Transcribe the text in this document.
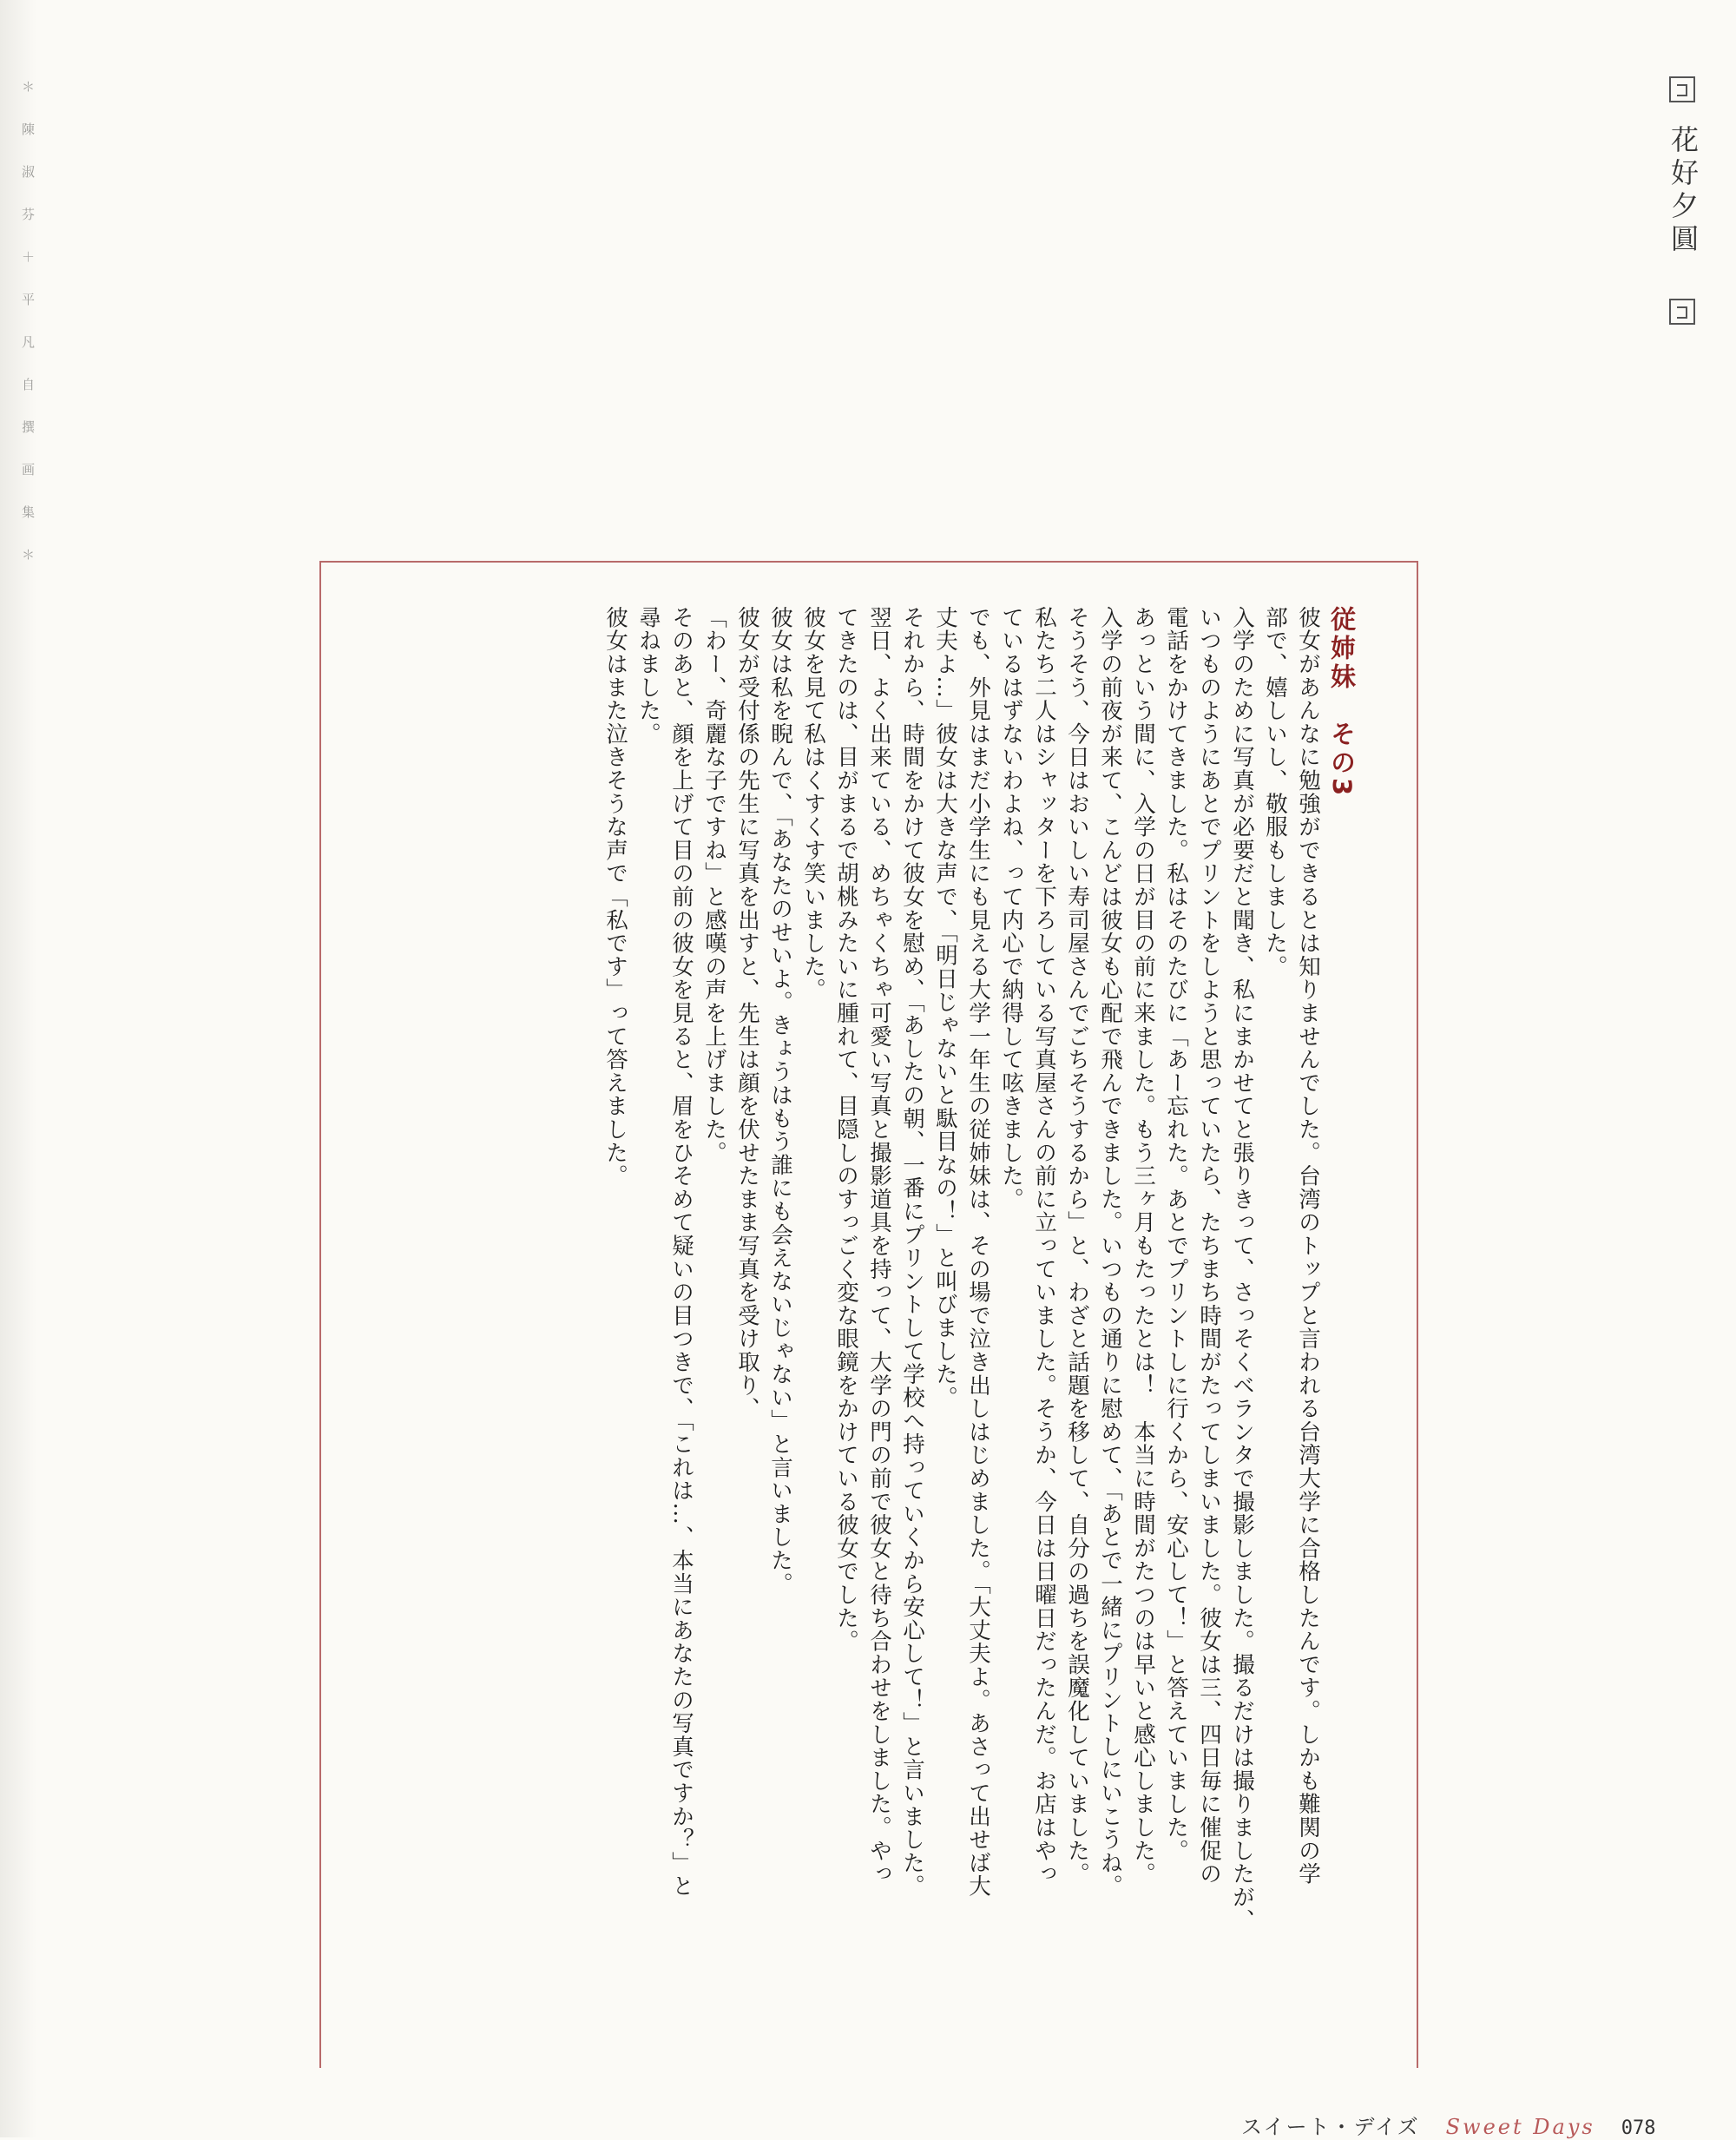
＊陳淑芬＋平凡自撰画集＊	花好夕圓
従姉妹　その3

彼女があんなに勉強ができるとは知りませんでした。台湾のトップと言われる台湾大学に合格したんです。しかも難関の学

部で、嬉しいし、敬服もしました。

入学のために写真が必要だと聞き、私にまかせてと張りきって、さっそくベランタで撮影しました。撮るだけは撮りましたが、

いつものようにあとでプリントをしようと思っていたら、たちまち時間がたってしまいました。彼女は三、四日毎に催促の

電話をかけてきました。私はそのたびに「あー忘れた。あとでプリントしに行くから、安心して！」と答えていました。

あっという間に、入学の日が目の前に来ました。もう三ヶ月もたったとは！　本当に時間がたつのは早いと感心しました。

入学の前夜が来て、こんどは彼女も心配で飛んできました。いつもの通りに慰めて、「あとで一緒にプリントしにいこうね。

そうそう、今日はおいしい寿司屋さんでごちそうするから」と、わざと話題を移して、自分の過ちを誤魔化していました。

私たち二人はシャッターを下ろしている写真屋さんの前に立っていました。そうか、今日は日曜日だったんだ。お店はやっ

ているはずないわよね、って内心で納得して呟きました。

でも、外見はまだ小学生にも見える大学一年生の従姉妹は、その場で泣き出しはじめました。「大丈夫よ。あさって出せば大

丈夫よ…」彼女は大きな声で、「明日じゃないと駄目なの！」と叫びました。

それから、時間をかけて彼女を慰め、「あしたの朝、一番にプリントして学校へ持っていくから安心して！」と言いました。

翌日、よく出来ている、めちゃくちゃ可愛い写真と撮影道具を持って、大学の門の前で彼女と待ち合わせをしました。やっ

てきたのは、目がまるで胡桃みたいに腫れて、目隠しのすっごく変な眼鏡をかけている彼女でした。

彼女を見て私はくすくす笑いました。

彼女は私を睨んで、「あなたのせいよ。きょうはもう誰にも会えないじゃない」と言いました。

彼女が受付係の先生に写真を出すと、先生は顔を伏せたまま写真を受け取り、

「わー、奇麗な子ですね」と感嘆の声を上げました。

そのあと、顔を上げて目の前の彼女を見ると、眉をひそめて疑いの目つきで、「これは…、本当にあなたの写真ですか？」と

尋ねました。

彼女はまた泣きそうな声で「私です」って答えました。

スイート・デイズ Sweet Days 078
